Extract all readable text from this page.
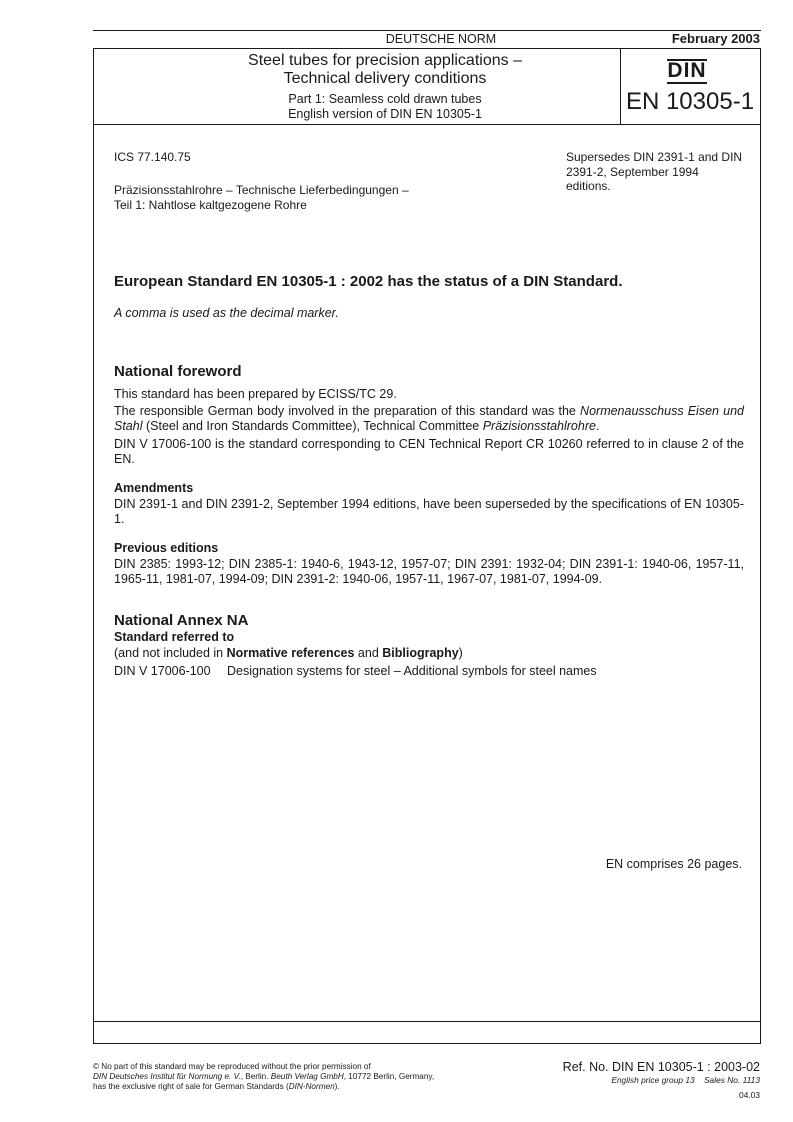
DEUTSCHE NORM	February 2003
Steel tubes for precision applications –
Technical delivery conditions
Part 1: Seamless cold drawn tubes
English version of DIN EN 10305-1
DIN
EN 10305-1
ICS 77.140.75	Supersedes DIN 2391-1 and DIN 2391-2, September 1994 editions.
Präzisionsstahlrohre – Technische Lieferbedingungen –
Teil 1: Nahtlose kaltgezogene Rohre
European Standard EN 10305-1 : 2002 has the status of a DIN Standard.
A comma is used as the decimal marker.
National foreword
This standard has been prepared by ECISS/TC 29.
The responsible German body involved in the preparation of this standard was the Normenausschuss Eisen und Stahl (Steel and Iron Standards Committee), Technical Committee Präzisionsstahlrohre.
DIN V 17006-100 is the standard corresponding to CEN Technical Report CR 10260 referred to in clause 2 of the EN.
Amendments
DIN 2391-1 and DIN 2391-2, September 1994 editions, have been superseded by the specifications of EN 10305-1.
Previous editions
DIN 2385: 1993-12; DIN 2385-1: 1940-6, 1943-12, 1957-07; DIN 2391: 1932-04; DIN 2391-1: 1940-06, 1957-11, 1965-11, 1981-07, 1994-09; DIN 2391-2: 1940-06, 1957-11, 1967-07, 1981-07, 1994-09.
National Annex NA
Standard referred to
(and not included in Normative references and Bibliography)
DIN V 17006-100 Designation systems for steel – Additional symbols for steel names
EN comprises 26 pages.
© No part of this standard may be reproduced without the prior permission of
DIN Deutsches Institut für Normung e. V., Berlin. Beuth Verlag GmbH, 10772 Berlin, Germany,
has the exclusive right of sale for German Standards (DIN-Normen).
Ref. No. DIN EN 10305-1 : 2003-02
English price group 13 Sales No. 1113
04.03
